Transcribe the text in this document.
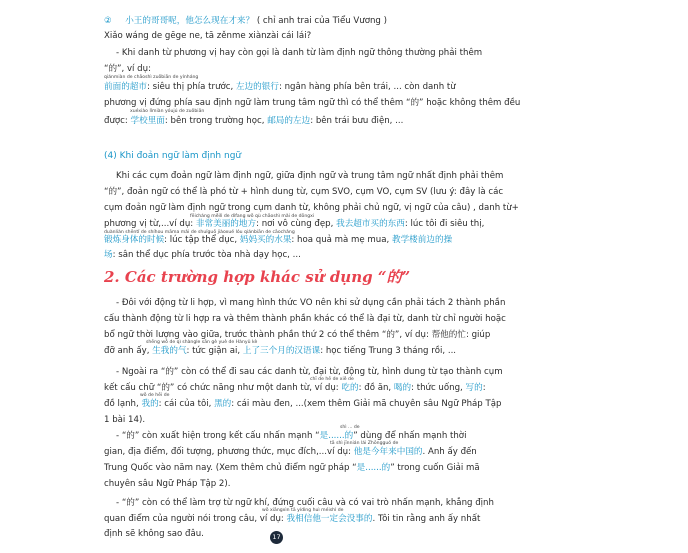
② 小王的哥哥呢，他怎么现在才来？ ( chỉ anh trai của Tiểu Vương )
Xiǎo wáng de gēge ne, tā zěnme xiànzài cái lái?
- Khi danh từ phương vị hay còn gọi là danh từ làm định ngữ thông thường phải thêm
“的”, ví dụ:
qiánmiàn de chāoshì zuǒbiān de yínháng
前面的超市: siêu thị phía trước, 左边的银行: ngân hàng phía bên trái, ... còn danh từ
phương vị đứng phía sau định ngữ làm trung tâm ngữ thì có thể thêm “的” hoặc không thêm đều
xuéxiào lǐmiàn yóujú de zuǒbiān
được: 学校里面: bên trong trường học, 邮局的左边: bên trái bưu điện, ...
(4) Khi đoản ngữ làm định ngữ
Khi các cụm đoản ngữ làm định ngữ, giữa định ngữ và trung tâm ngữ nhất định phải thêm
“的”, đoản ngữ có thể là phó từ + hình dung từ, cụm SVO, cụm VO, cụm SV (lưu ý: đây là các
cụm đoản ngữ làm định ngữ trong cụm danh từ, không phải chủ ngữ, vị ngữ của câu) , danh từ+
fēicháng měilì de dìfang wǒ qù chāoshì mǎi de dōngxi
phương vị từ,...ví dụ: 非常美丽的地方: nơi vô cùng đẹp, 我去超市买的东西: lúc tôi đi siêu thị,
duànliàn shēntǐ de shíhou māma mǎi de shuǐguǒ jiàoxué lóu qiánbiān de cāochǎng
锻炼身体的时候: lúc tập thể dục, 妈妈买的水果: hoa quả mà mẹ mua, 教学楼前边的操
场: sân thể dục phía trước tòa nhà dạy học, ...
2. Các trường hợp khác sử dụng “的”
- Đôi với động từ li hợp, vì mang hình thức VO nên khi sử dụng cần phải tách 2 thành phần
cấu thành động từ li hợp ra và thêm thành phần khác có thể là đại từ, danh từ chỉ người hoặc
bổ ngữ thời lượng vào giữa, trước thành phần thứ 2 có thể thêm “的”, ví dụ: 帮他的忙: giúp
shēng wǒ de qì shàngle sān gè yuè de Hànyǔ kè
đỡ anh ấy, 生我的气: tức giận ai, 上了三个月的汉语课: học tiếng Trung 3 tháng rồi, ...
- Ngoài ra “的” còn có thể đi sau các danh từ, đại từ, động từ, hình dung từ tạo thành cụm
chī de hē de xiě de
kết cấu chữ “的” có chức năng như một danh từ, ví dụ: 吃的: đồ ăn, 喝的: thức uống, 写的:
wǒ de hēi de
đồ lạnh, 我的: cái của tôi, 黑的: cái màu đen, ...(xem thêm Giải mã chuyên sâu Ngữ Pháp Tập
1 bài 14).
shì ... de
- “的” còn xuất hiện trong kết cấu nhấn mạnh “是......的” dùng để nhấn mạnh thời
tā shì jīnnián lái Zhōngguó de
gian, địa điểm, đối tượng, phương thức, mục đích,...ví dụ: 他是今年来中国的. Anh ấy đến
Trung Quốc vào năm nay. (Xem thêm chủ điểm ngữ pháp “是......的” trong cuốn Giải mã
chuyên sâu Ngữ Pháp Tập 2).
- “的” còn có thể làm trợ từ ngữ khí, đứng cuối câu và có vai trò nhấn mạnh, khẳng định
wǒ xiāngxìn tā yídìng huì méishì de
quan điểm của người nói trong câu, ví dụ: 我相信他一定会没事的. Tôi tin rằng anh ấy nhất
định sẽ không sao đâu.	17
